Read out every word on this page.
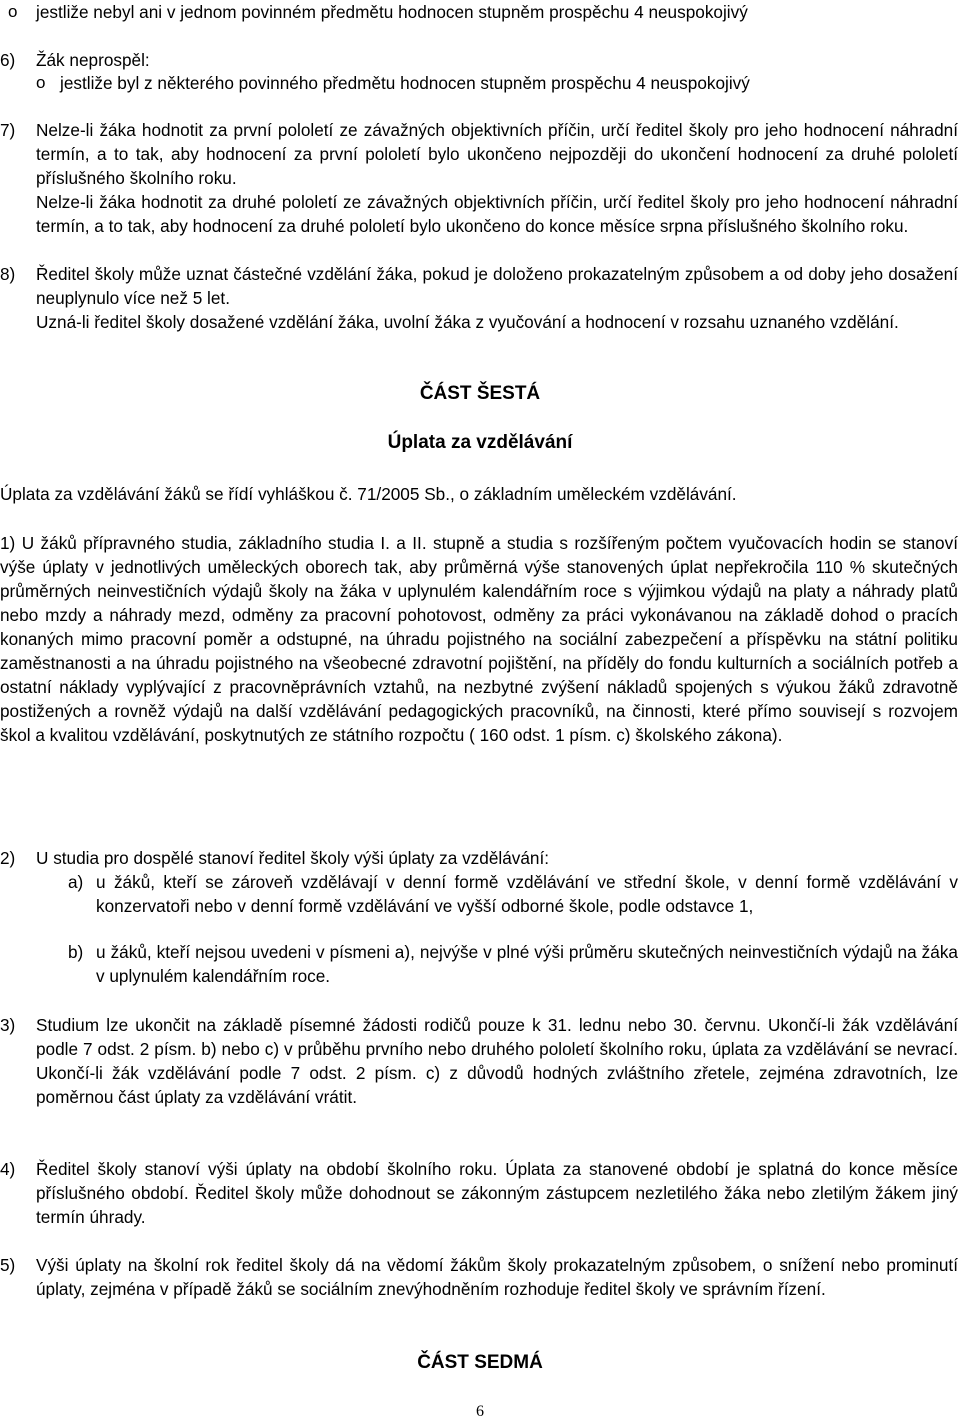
o jestliže nebyl ani v jednom povinném předmětu hodnocen stupněm prospěchu 4 neuspokojivý
6) Žák neprospěl:
o jestliže byl z některého povinného předmětu hodnocen stupněm prospěchu 4 neuspokojivý
7) Nelze-li žáka hodnotit za první pololetí ze závažných objektivních příčin, určí ředitel školy pro jeho hodnocení náhradní termín, a to tak, aby hodnocení za první pololetí bylo ukončeno nejpozději do ukončení hodnocení za druhé pololetí příslušného školního roku.
Nelze-li žáka hodnotit za druhé pololetí ze závažných objektivních příčin, určí ředitel školy pro jeho hodnocení náhradní termín, a to tak, aby hodnocení za druhé pololetí bylo ukončeno do konce měsíce srpna příslušného školního roku.
8) Ředitel školy může uznat částečné vzdělání žáka, pokud je doloženo prokazatelným způsobem a od doby jeho dosažení neuplynulo více než 5 let.
Uzná-li ředitel školy dosažené vzdělání žáka, uvolní žáka z vyučování a hodnocení v rozsahu uznaného vzdělání.
ČÁST ŠESTÁ
Úplata za vzdělávání
Úplata za vzdělávání žáků se řídí vyhláškou č. 71/2005 Sb., o základním uměleckém vzdělávání.
1) U žáků přípravného studia, základního studia I. a II. stupně a studia s rozšířeným počtem vyučovacích hodin se stanoví výše úplaty v jednotlivých uměleckých oborech tak, aby průměrná výše stanovených úplat nepřekročila 110 % skutečných průměrných neinvestičních výdajů školy na žáka v uplynulém kalendářním roce s výjimkou výdajů na platy a náhrady platů nebo mzdy a náhrady mezd, odměny za pracovní pohotovost, odměny za práci vykonávanou na základě dohod o pracích konaných mimo pracovní poměr a odstupné, na úhradu pojistného na sociální zabezpečení a příspěvku na státní politiku zaměstnanosti a na úhradu pojistného na všeobecné zdravotní pojištění, na příděly do fondu kulturních a sociálních potřeb a ostatní náklady vyplývající z pracovněprávních vztahů, na nezbytné zvýšení nákladů spojených s výukou žáků zdravotně postižených a rovněž výdajů na další vzdělávání pedagogických pracovníků, na činnosti, které přímo souvisejí s rozvojem škol a kvalitou vzdělávání, poskytnutých ze státního rozpočtu ( 160 odst. 1 písm. c) školského zákona).
2) U studia pro dospělé stanoví ředitel školy výši úplaty za vzdělávání:
a) u žáků, kteří se zároveň vzdělávají v denní formě vzdělávání ve střední škole, v denní formě vzdělávání v konzervatoři nebo v denní formě vzdělávání ve vyšší odborné škole, podle odstavce 1,
b) u žáků, kteří nejsou uvedeni v písmeni a), nejvýše v plné výši průměru skutečných neinvestičních výdajů na žáka v uplynulém kalendářním roce.
3) Studium lze ukončit na základě písemné žádosti rodičů pouze k 31. lednu nebo 30. červnu. Ukončí-li žák vzdělávání podle 7 odst. 2 písm. b) nebo c) v průběhu prvního nebo druhého pololetí školního roku, úplata za vzdělávání se nevrací. Ukončí-li žák vzdělávání podle 7 odst. 2 písm. c) z důvodů hodných zvláštního zřetele, zejména zdravotních, lze poměrnou část úplaty za vzdělávání vrátit.
4) Ředitel školy stanoví výši úplaty na období školního roku. Úplata za stanovené období je splatná do konce měsíce příslušného období. Ředitel školy může dohodnout se zákonným zástupcem nezletilého žáka nebo zletilým žákem jiný termín úhrady.
5) Výši úplaty na školní rok ředitel školy dá na vědomí žákům školy prokazatelným způsobem, o snížení nebo prominutí úplaty, zejména v případě žáků se sociálním znevýhodněním rozhoduje ředitel školy ve správním řízení.
ČÁST SEDMÁ
6
